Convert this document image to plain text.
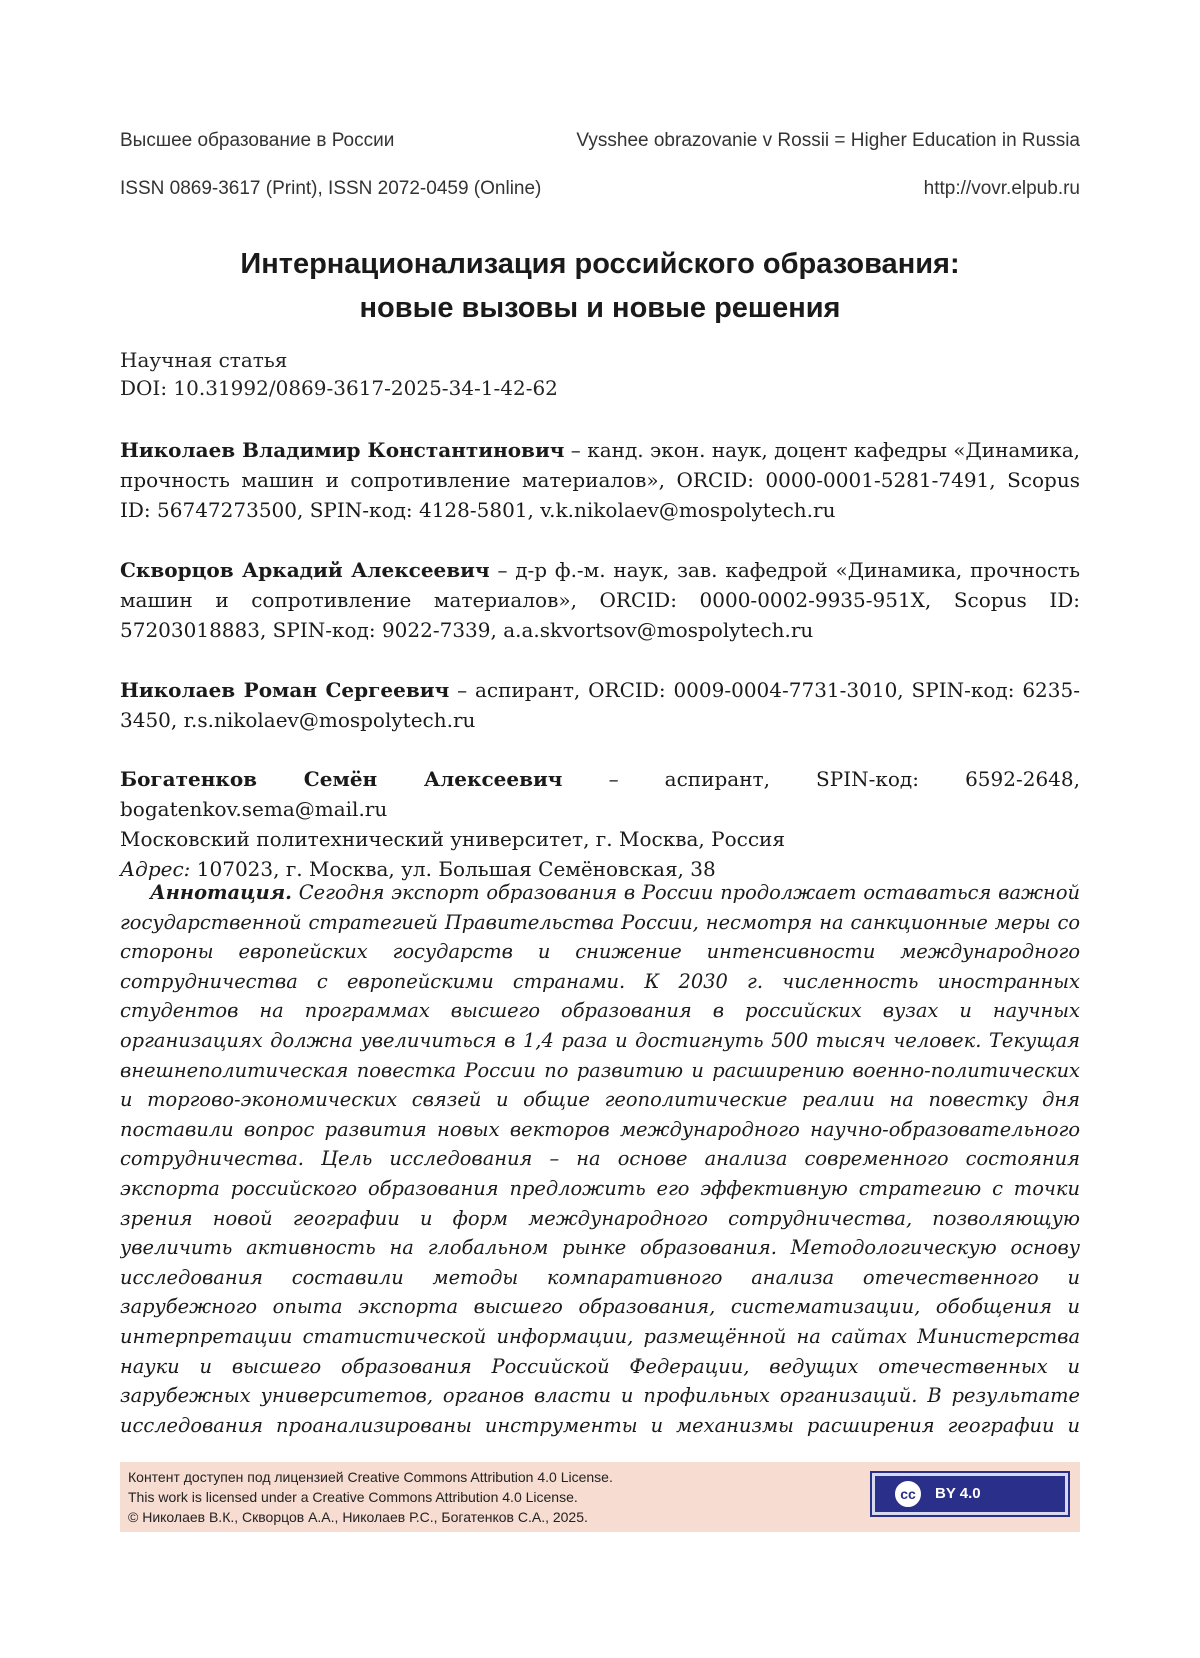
Высшее образование в России	Vysshee obrazovanie v Rossii = Higher Education in Russia
ISSN 0869-3617 (Print), ISSN 2072-0459 (Online)	http://vovr.elpub.ru
Интернационализация российского образования:
новые вызовы и новые решения
Научная статья
DOI: 10.31992/0869-3617-2025-34-1-42-62
Николаев Владимир Константинович – канд. экон. наук, доцент кафедры «Динамика, прочность машин и сопротивление материалов», ORCID: 0000-0001-5281-7491, Scopus ID: 56747273500, SPIN-код: 4128-5801, v.k.nikolaev@mospolytech.ru
Скворцов Аркадий Алексеевич – д-р ф.-м. наук, зав. кафедрой «Динамика, прочность машин и сопротивление материалов», ORCID: 0000-0002-9935-951X, Scopus ID: 57203018883, SPIN-код: 9022-7339, a.a.skvortsov@mospolytech.ru
Николаев Роман Сергеевич – аспирант, ORCID: 0009-0004-7731-3010, SPIN-код: 6235-3450, r.s.nikolaev@mospolytech.ru
Богатенков Семён Алексеевич – аспирант, SPIN-код: 6592-2648, bogatenkov.sema@mail.ru
Московский политехнический университет, г. Москва, Россия
Адрес: 107023, г. Москва, ул. Большая Семёновская, 38
Аннотация. Сегодня экспорт образования в России продолжает оставаться важной государственной стратегией Правительства России, несмотря на санкционные меры со стороны европейских государств и снижение интенсивности международного сотрудничества с европейскими странами. К 2030 г. численность иностранных студентов на программах высшего образования в российских вузах и научных организациях должна увеличиться в 1,4 раза и достигнуть 500 тысяч человек. Текущая внешнеполитическая повестка России по развитию и расширению военно-политических и торгово-экономических связей и общие геополитические реалии на повестку дня поставили вопрос развития новых векторов международного научно-образовательного сотрудничества. Цель исследования – на основе анализа современного состояния экспорта российского образования предложить его эффективную стратегию с точки зрения новой географии и форм международного сотрудничества, позволяющую увеличить активность на глобальном рынке образования. Методологическую основу исследования составили методы компаративного анализа отечественного и зарубежного опыта экспорта высшего образования, систематизации, обобщения и интерпретации статистической информации, размещённой на сайтах Министерства науки и высшего образования Российской Федерации, ведущих отечественных и зарубежных университетов, органов власти и профильных организаций. В результате исследования проанализированы инструменты и механизмы расширения географии и
Контент доступен под лицензией Creative Commons Attribution 4.0 License.
This work is licensed under a Creative Commons Attribution 4.0 License.
© Николаев В.К., Скворцов А.А., Николаев Р.С., Богатенков С.А., 2025.
cc	BY 4.0
